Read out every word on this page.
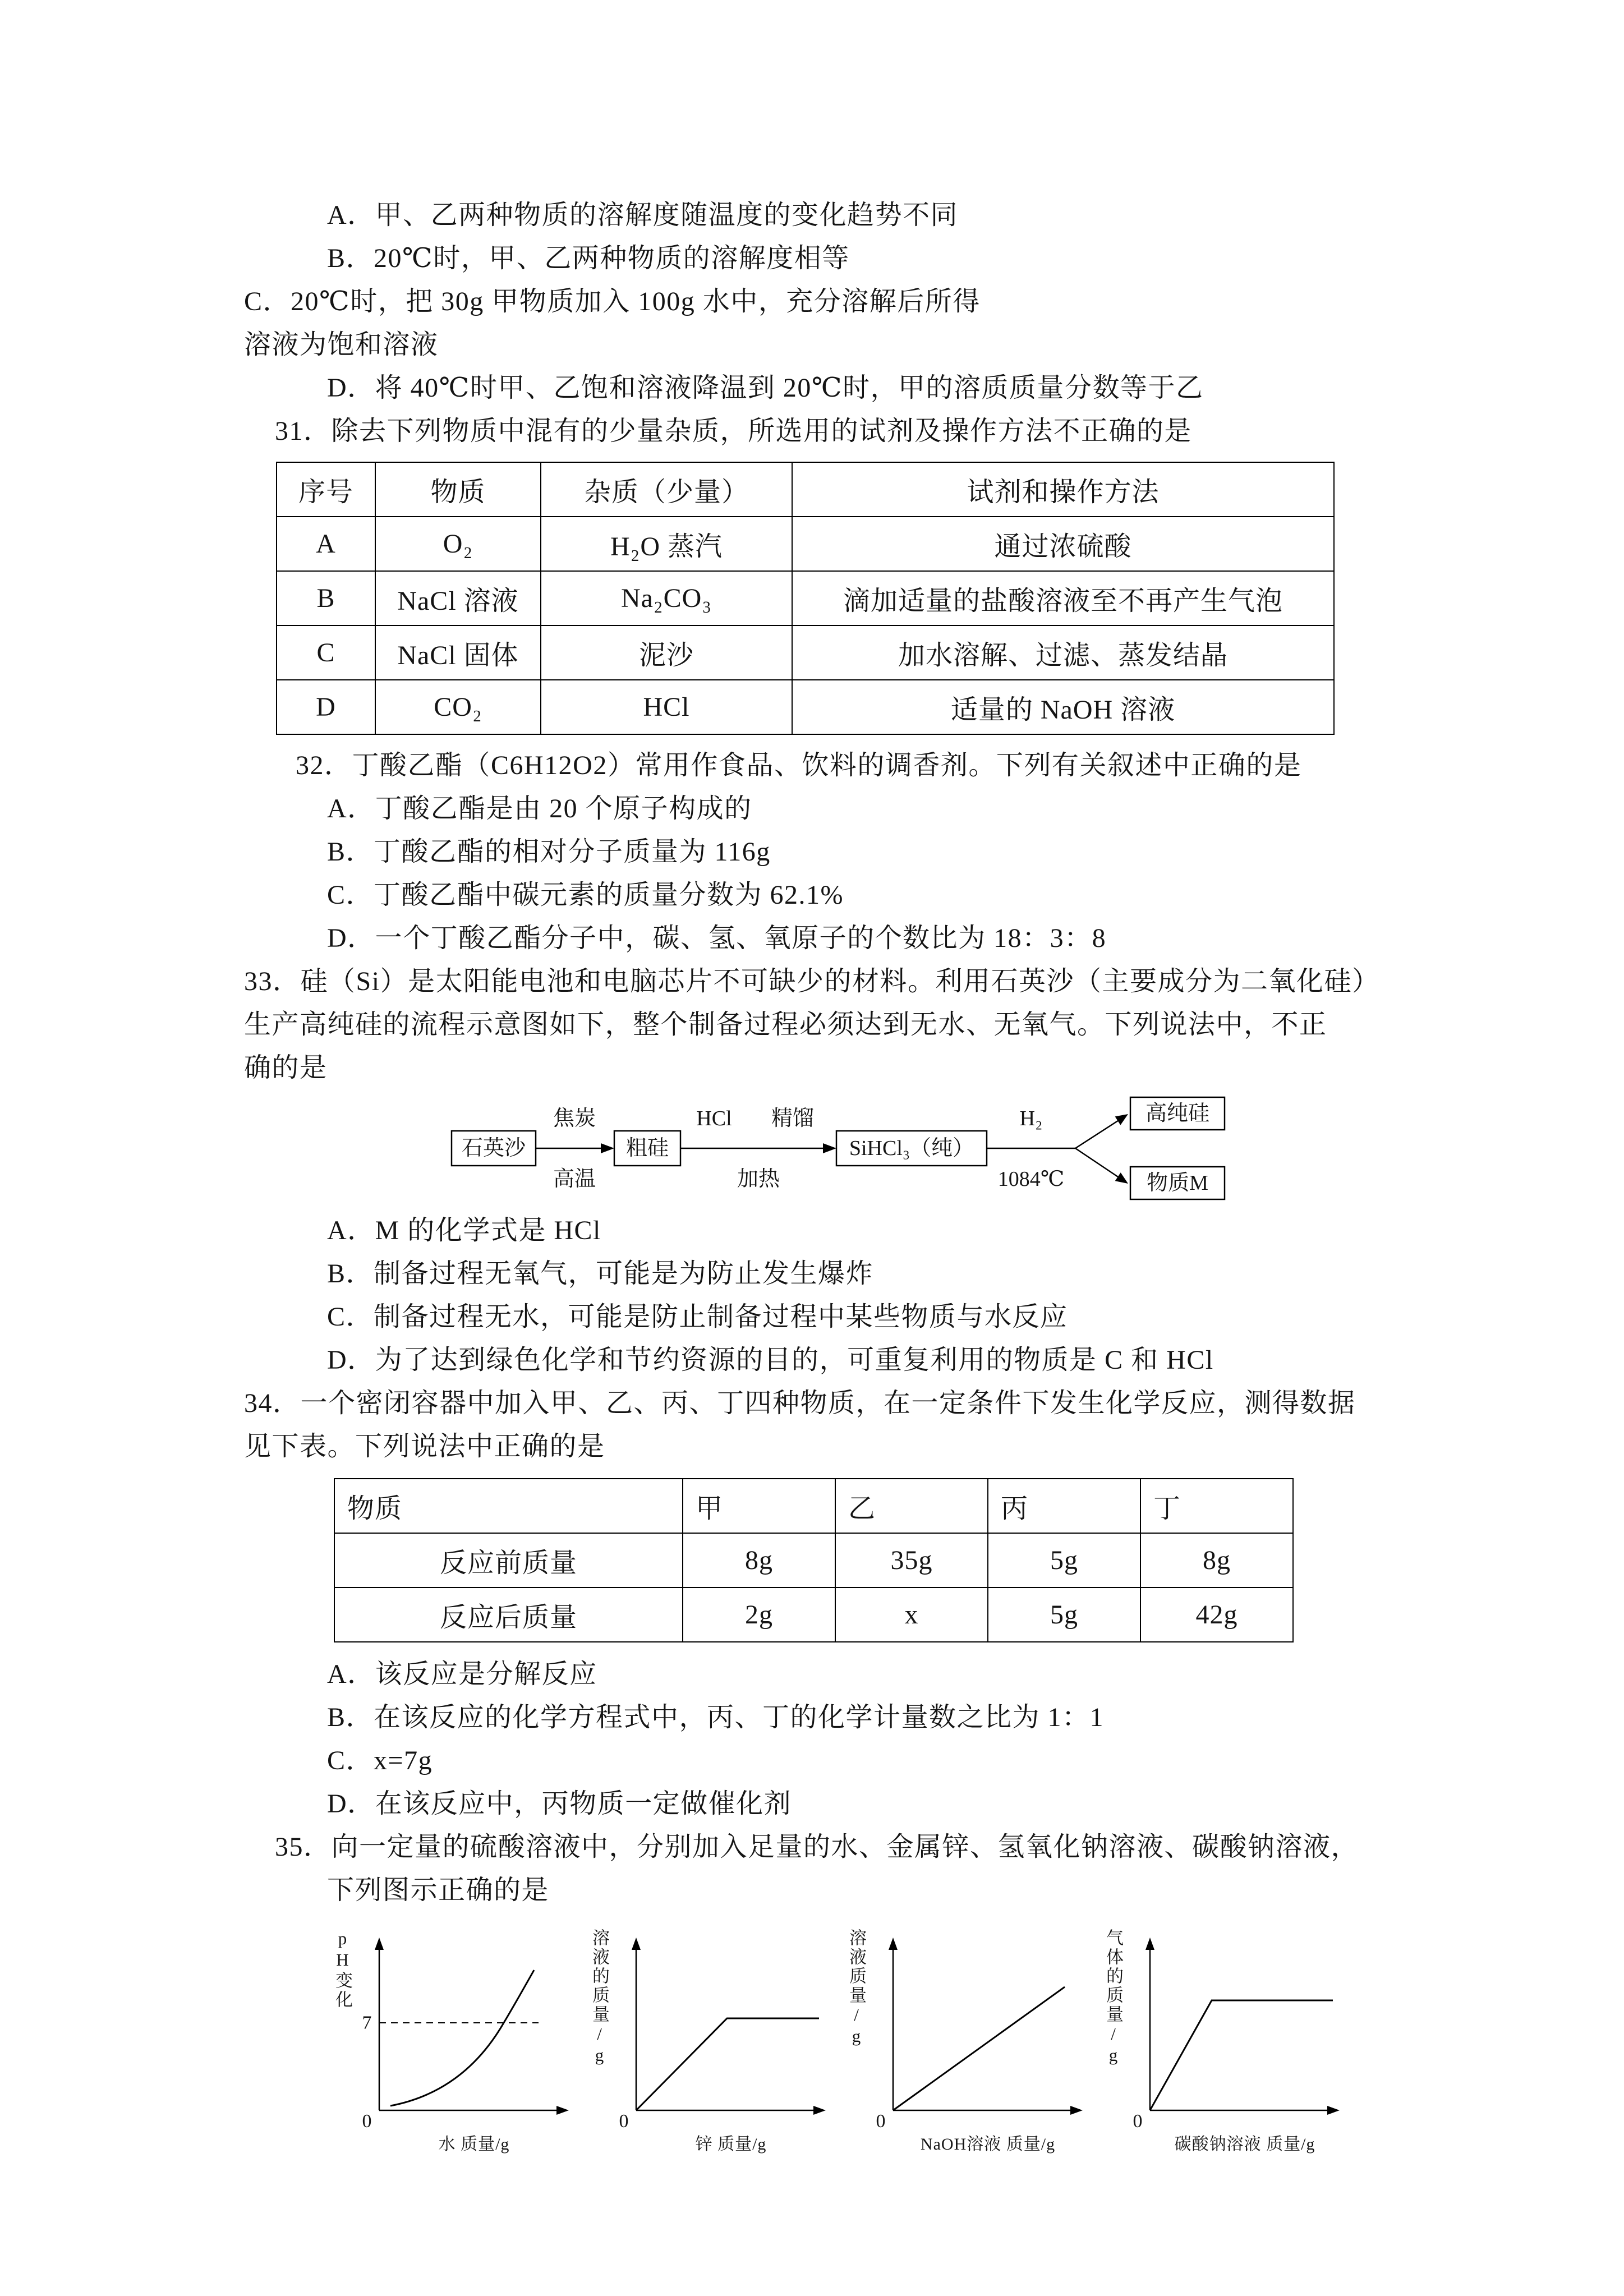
A．甲、乙两种物质的溶解度随温度的变化趋势不同
B．20℃时，甲、乙两种物质的溶解度相等
C．20℃时，把 30g 甲物质加入 100g 水中，充分溶解后所得
溶液为饱和溶液
D．将 40℃时甲、乙饱和溶液降温到 20℃时，甲的溶质质量分数等于乙
31．除去下列物质中混有的少量杂质，所选用的试剂及操作方法不正确的是
序号	物质	杂质（少量）	试剂和操作方法
A	O₂	H₂O 蒸汽	通过浓硫酸
B	NaCl 溶液	Na₂CO₃	滴加适量的盐酸溶液至不再产生气泡
C	NaCl 固体	泥沙	加水溶解、过滤、蒸发结晶
D	CO₂	HCl	适量的 NaOH 溶液
32．丁酸乙酯（C6H12O2）常用作食品、饮料的调香剂。下列有关叙述中正确的是
A．丁酸乙酯是由 20 个原子构成的
B．丁酸乙酯的相对分子质量为 116g
C．丁酸乙酯中碳元素的质量分数为 62.1%
D．一个丁酸乙酯分子中，碳、氢、氧原子的个数比为 18：3：8
33．硅（Si）是太阳能电池和电脑芯片不可缺少的材料。利用石英沙（主要成分为二氧化硅）
生产高纯硅的流程示意图如下，整个制备过程必须达到无水、无氧气。下列说法中，不正
确的是
石英沙
焦炭
高温
粗硅
HCl 精馏
加热
SiHCl₃（纯）
H₂
1084℃
高纯硅
物质M
A．M 的化学式是 HCl
B．制备过程无氧气，可能是为防止发生爆炸
C．制备过程无水，可能是防止制备过程中某些物质与水反应
D．为了达到绿色化学和节约资源的目的，可重复利用的物质是 C 和 HCl
34．一个密闭容器中加入甲、乙、丙、丁四种物质，在一定条件下发生化学反应，测得数据
见下表。下列说法中正确的是
物质	甲	乙	丙	丁
反应前质量	8g	35g	5g	8g
反应后质量	2g	x	5g	42g
A．该反应是分解反应
B．在该反应的化学方程式中，丙、丁的化学计量数之比为 1：1
C．x=7g
D．在该反应中，丙物质一定做催化剂
35．向一定量的硫酸溶液中，分别加入足量的水、金属锌、氢氧化钠溶液、碳酸钠溶液，
下列图示正确的是
pH变化
7
0
水 质量/g
溶液的质量/g
0
锌 质量/g
溶液质量/g
0
NaOH溶液 质量/g
气体的质量/g
0
碳酸钠溶液 质量/g
